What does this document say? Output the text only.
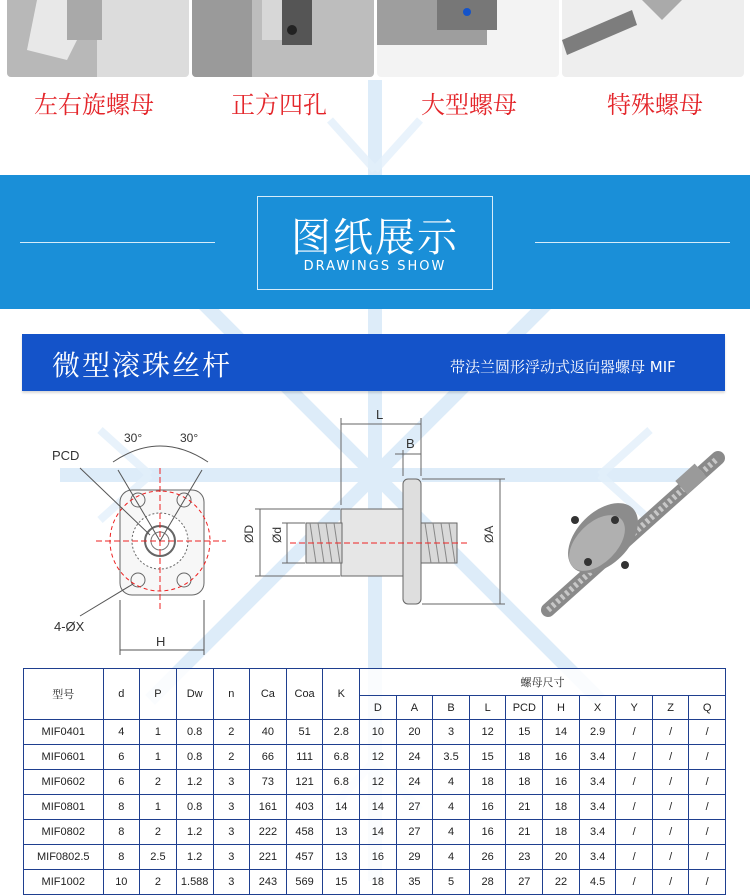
左右旋螺母	正方四孔	大型螺母	特殊螺母
图纸展示
DRAWINGS SHOW
微型滚珠丝杆	带法兰圆形浮动式返向器螺母 MIF
30°	30°
PCD
4-ØX
H
L
B
ØD Ød	ØA
型号	d	P	Dw	n	Ca	Coa	K	螺母尺寸									
								D	A	B	L	PCD	H	X	Y	Z	Q
MIF0401	4	1	0.8	2	40	51	2.8	10	20	3	12	15	14	2.9	/	/	/
MIF0601	6	1	0.8	2	66	111	6.8	12	24	3.5	15	18	16	3.4	/	/	/
MIF0602	6	2	1.2	3	73	121	6.8	12	24	4	18	18	16	3.4	/	/	/
MIF0801	8	1	0.8	3	161	403	14	14	27	4	16	21	18	3.4	/	/	/
MIF0802	8	2	1.2	3	222	458	13	14	27	4	16	21	18	3.4	/	/	/
MIF0802.5	8	2.5	1.2	3	221	457	13	16	29	4	26	23	20	3.4	/	/	/
MIF1002	10	2	1.588	3	243	569	15	18	35	5	28	27	22	4.5	/	/	/
